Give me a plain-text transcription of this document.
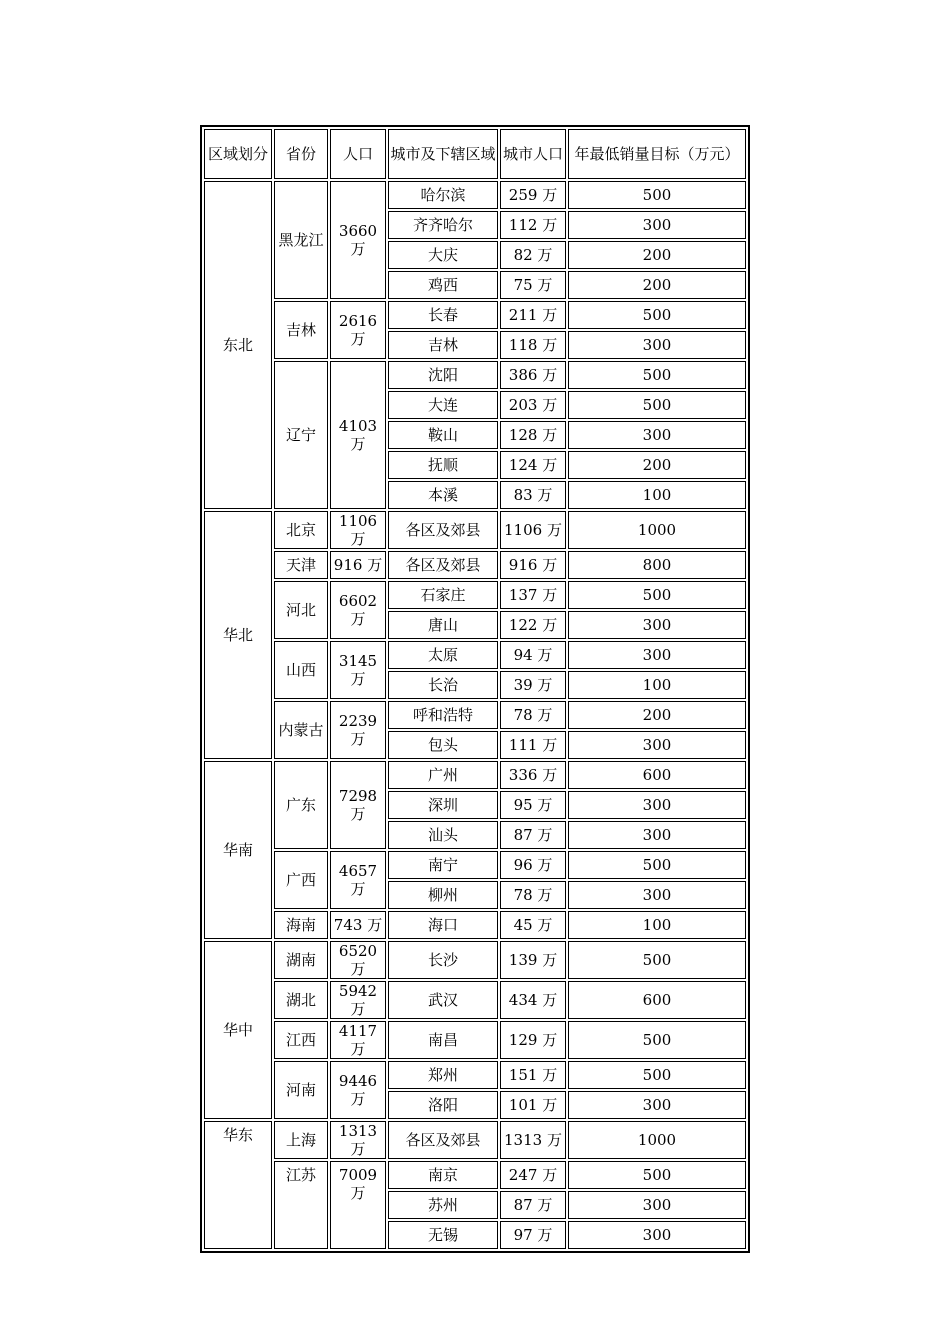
区域划分	省份	人口	城市及下辖区域	城市人口	年最低销量目标（万元）
东北	黑龙江	3660 万	哈尔滨	259 万	500
			齐齐哈尔	112 万	300
			大庆	82 万	200
			鸡西	75 万	200
	吉林	2616 万	长春	211 万	500
			吉林	118 万	300
	辽宁	4103 万	沈阳	386 万	500
			大连	203 万	500
			鞍山	128 万	300
			抚顺	124 万	200
			本溪	83 万	100
华北	北京	1106 万	各区及郊县	1106 万	1000
	天津	916 万	各区及郊县	916 万	800
	河北	6602 万	石家庄	137 万	500
			唐山	122 万	300
	山西	3145 万	太原	94 万	300
			长治	39 万	100
	内蒙古	2239 万	呼和浩特	78 万	200
			包头	111 万	300
华南	广东	7298 万	广州	336 万	600
			深圳	95 万	300
			汕头	87 万	300
	广西	4657 万	南宁	96 万	500
			柳州	78 万	300
	海南	743 万	海口	45 万	100
华中	湖南	6520 万	长沙	139 万	500
	湖北	5942 万	武汉	434 万	600
	江西	4117 万	南昌	129 万	500
	河南	9446 万	郑州	151 万	500
			洛阳	101 万	300
华东	上海	1313 万	各区及郊县	1313 万	1000
	江苏	7009 万	南京	247 万	500
			苏州	87 万	300
			无锡	97 万	300
